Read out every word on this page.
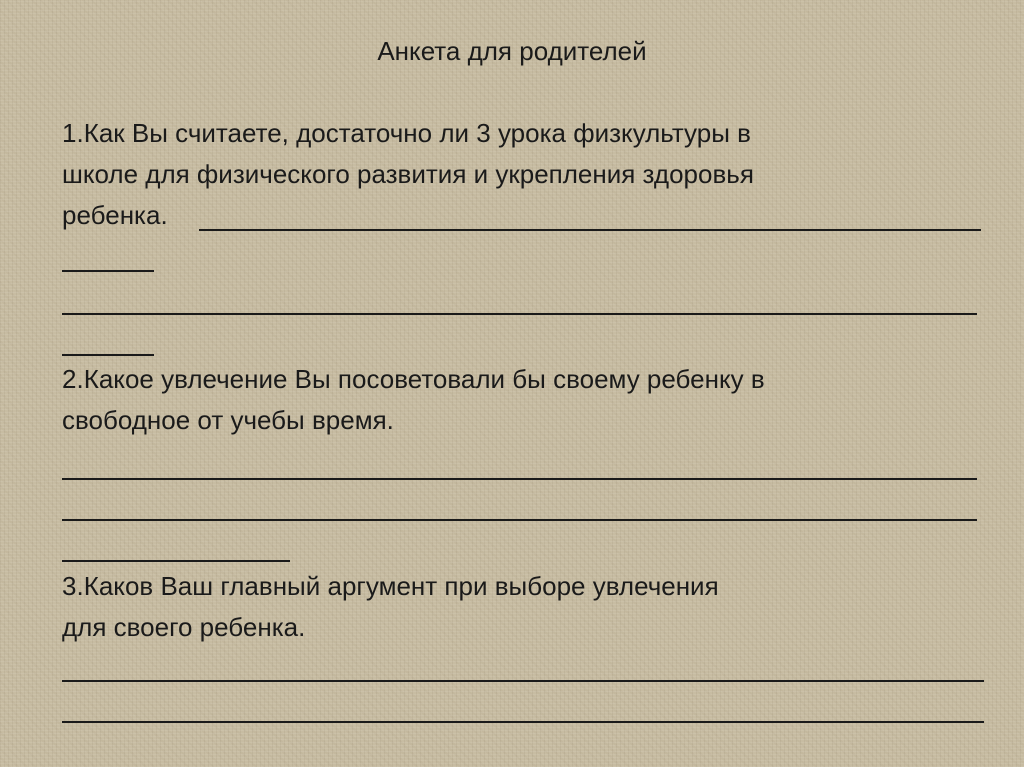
Анкета для родителей
1.Как Вы считаете, достаточно ли 3 урока физкультуры в
школе для физического развития и укрепления здоровья
ребенка.
2.Какое увлечение Вы посоветовали бы своему ребенку в
свободное от учебы время.
3.Каков Ваш главный аргумент при выборе увлечения
для своего ребенка.
